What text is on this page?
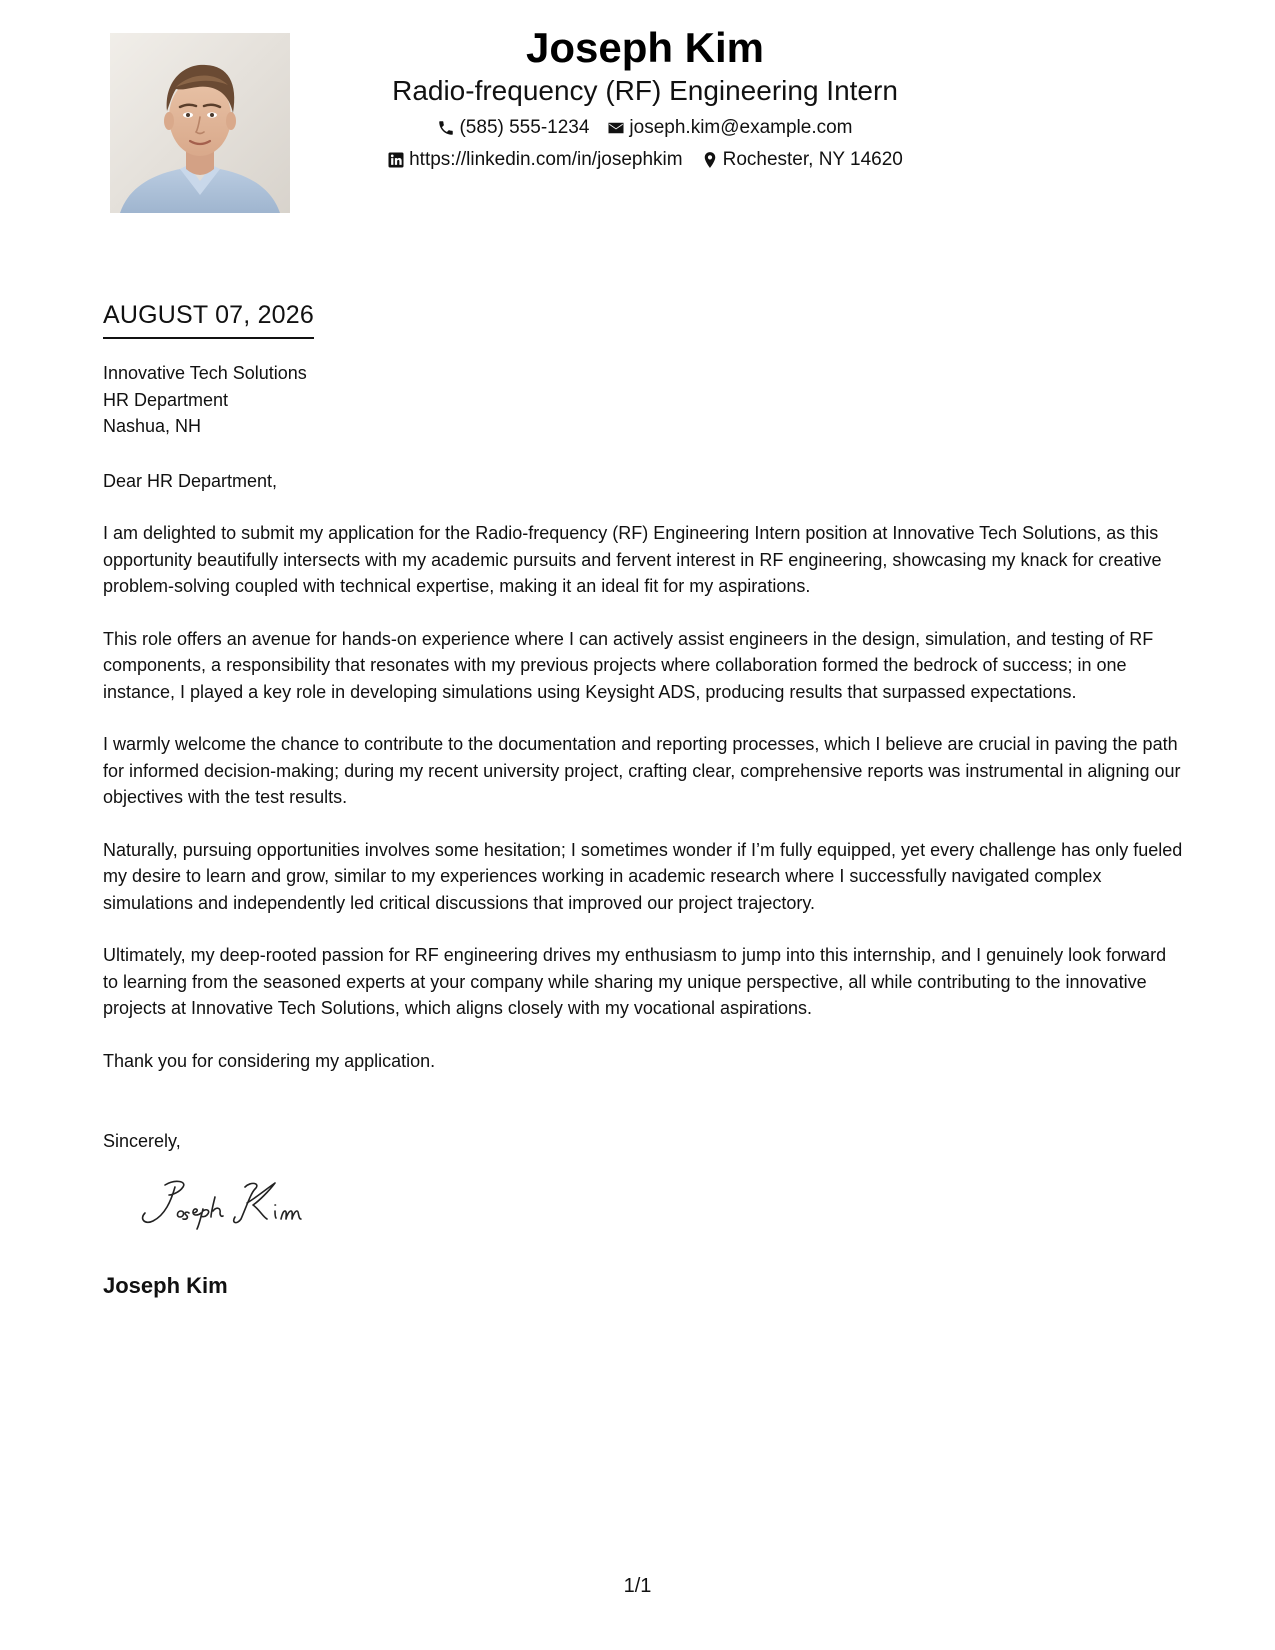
Joseph Kim
Radio-frequency (RF) Engineering Intern
(585) 555-1234 joseph.kim@example.com
https://linkedin.com/in/josephkim Rochester, NY 14620
AUGUST 07, 2026
Innovative Tech Solutions
HR Department
Nashua, NH
Dear HR Department,
I am delighted to submit my application for the Radio-frequency (RF) Engineering Intern position at Innovative Tech Solutions, as this opportunity beautifully intersects with my academic pursuits and fervent interest in RF engineering, showcasing my knack for creative problem-solving coupled with technical expertise, making it an ideal fit for my aspirations.
This role offers an avenue for hands-on experience where I can actively assist engineers in the design, simulation, and testing of RF components, a responsibility that resonates with my previous projects where collaboration formed the bedrock of success; in one instance, I played a key role in developing simulations using Keysight ADS, producing results that surpassed expectations.
I warmly welcome the chance to contribute to the documentation and reporting processes, which I believe are crucial in paving the path for informed decision-making; during my recent university project, crafting clear, comprehensive reports was instrumental in aligning our objectives with the test results.
Naturally, pursuing opportunities involves some hesitation; I sometimes wonder if I’m fully equipped, yet every challenge has only fueled my desire to learn and grow, similar to my experiences working in academic research where I successfully navigated complex simulations and independently led critical discussions that improved our project trajectory.
Ultimately, my deep-rooted passion for RF engineering drives my enthusiasm to jump into this internship, and I genuinely look forward to learning from the seasoned experts at your company while sharing my unique perspective, all while contributing to the innovative projects at Innovative Tech Solutions, which aligns closely with my vocational aspirations.
Thank you for considering my application.
Sincerely,
Joseph Kim
1/1
